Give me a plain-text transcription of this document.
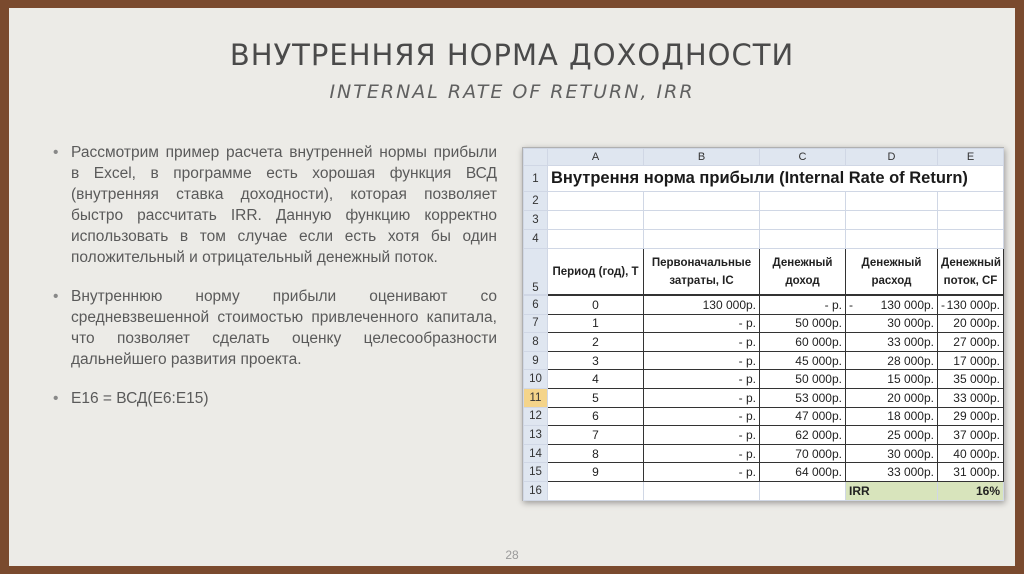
ВНУТРЕННЯЯ НОРМА ДОХОДНОСТИ
INTERNAL RATE OF RETURN, IRR
• Рассмотрим пример расчета внутренней нормы прибыли в Excel, в программе есть хорошая функция ВСД (внутренняя ставка доходности), которая позволяет быстро рассчитать IRR. Данную функцию корректно использовать в том случае если есть хотя бы один положительный и отрицательный денежный поток.
• Внутреннюю норму прибыли оценивают со средневзвешенной стоимостью привлеченного капитала, что позволяет сделать оценку целесообразности дальнейшего развития проекта.
• E16 = ВСД(E6:E15)
	A	B	C	D	E
1	Внутрення норма прибыли (Internal Rate of Return)				
2					
3					
4					
5	Период (год), Т	Первоначальные затраты, IC	Денежный доход	Денежный расход	Денежный поток, CF
6	0	130 000р.	- р.	- 130 000р.	- 130 000р.

7	1	- р.	50 000р.	30 000р.	20 000р.

8	2	- р.	60 000р.	33 000р.	27 000р.

9	3	- р.	45 000р.	28 000р.	17 000р.

10	4	- р.	50 000р.	15 000р.	35 000р.

11	5	- р.	53 000р.	20 000р.	33 000р.

12	6	- р.	47 000р.	18 000р.	29 000р.

13	7	- р.	62 000р.	25 000р.	37 000р.

14	8	- р.	70 000р.	30 000р.	40 000р.

15	9	- р.	64 000р.	33 000р.	31 000р.

16				IRR	16%
28
